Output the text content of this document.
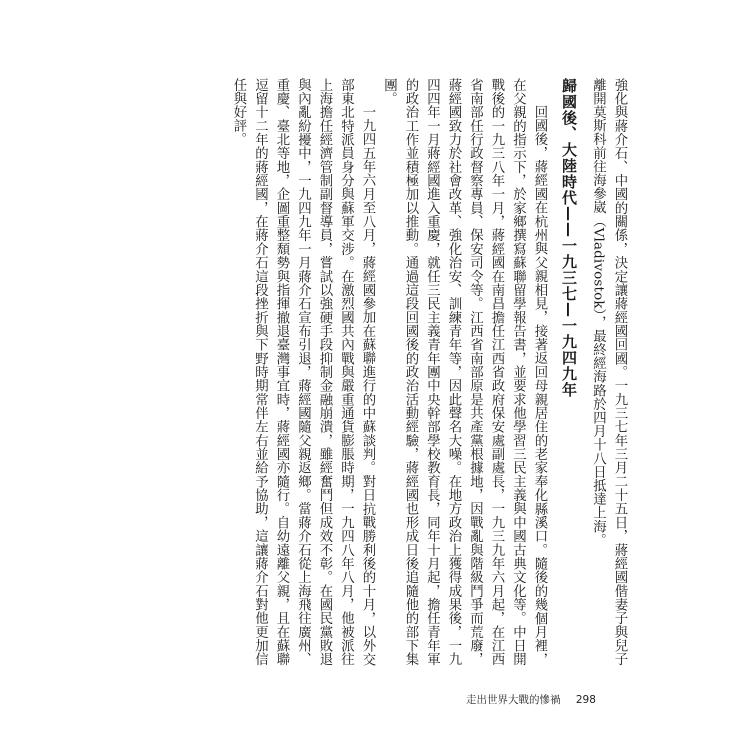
強化與蔣介石、中國的關係，決定讓蔣經國回國。一九三七年三月二十五日，蔣經國偕妻子與兒子離開莫斯科前往海參崴（Vladivostok），最終經海路於四月十八日抵達上海。

歸國後、大陸時代——一九三七—一九四九年

回國後，蔣經國在杭州與父親相見，接著返回母親居住的老家奉化縣溪口。隨後的幾個月裡，在父親的指示下，於家鄉撰寫蘇聯留學報告書，並要求他學習三民主義與中國古典文化等。中日開戰後的一九三八年一月，蔣經國在南昌擔任江西省政府保安處副處長，一九三九年六月起，在江西省南部任行政督察專員、保安司令等。江西省南部原是共產黨根據地，因戰亂與階級鬥爭而荒廢，蔣經國致力於社會改革、強化治安、訓練青年等，因此聲名大噪。在地方政治上獲得成果後，一九四四年一月蔣經國進入重慶，就任三民主義青年團中央幹部學校教育長，同年十月起，擔任青年軍的政治工作並積極加以推動。通過這段回國後的政治活動經驗，蔣經國也形成日後追隨他的部下集團。

一九四五年六月至八月，蔣經國參加在蘇聯進行的中蘇談判。對日抗戰勝利後的十月，以外交部東北特派員身分與蘇軍交涉。在激烈國共內戰與嚴重通貨膨脹時期，一九四八年八月，他被派往上海擔任經濟管制副督導員，嘗試以強硬手段抑制金融崩潰，雖經奮鬥但成效不彰。在國民黨敗退與內亂紛擾中，一九四九年一月蔣介石宣布引退，蔣經國隨父親返鄉。當蔣介石從上海飛往廣州、重慶、臺北等地，企圖重整頹勢與指揮撤退臺灣事宜時，蔣經國亦隨行。自幼遠離父親，且在蘇聯逗留十二年的蔣經國，在蔣介石這段挫折與下野時期常伴左右並給予協助，這讓蔣介石對他更加信任與好評。

走出世界大戰的慘禍 298
